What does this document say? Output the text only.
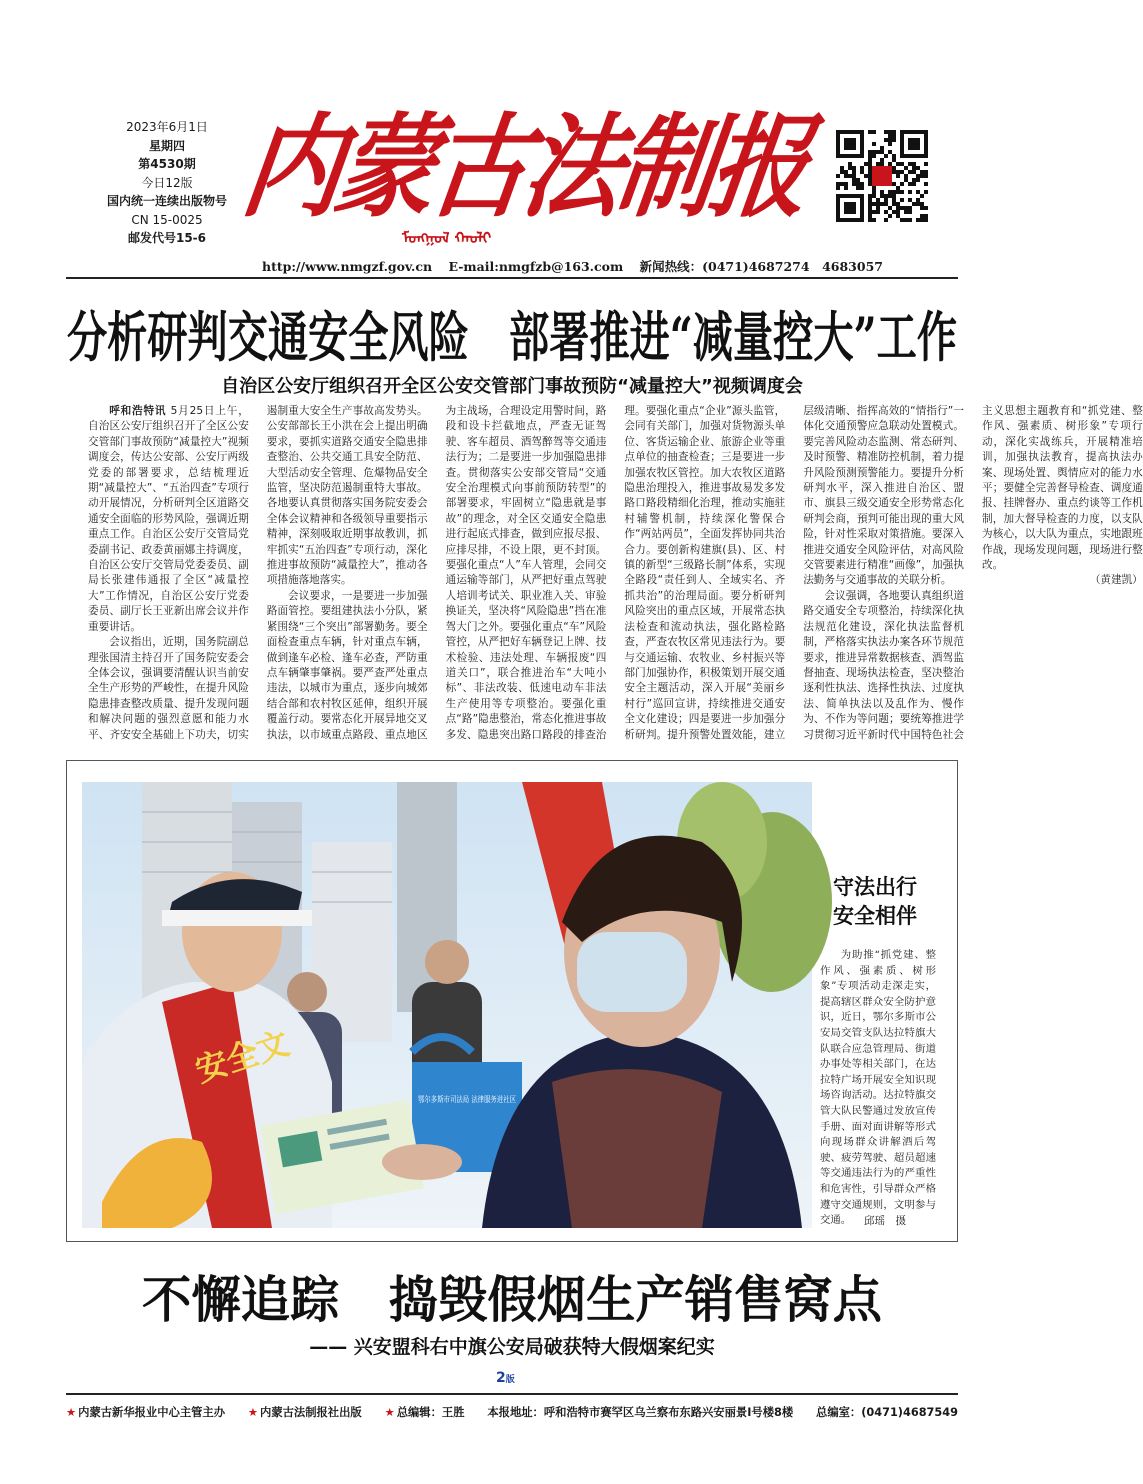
2023年6月1日
星期四
第4530期
今日12版
国内统一连续出版物号
CN 15-0025
邮发代号15-6
内蒙古法制报
ᠮᠣᠩᠭᠣᠯ ᠬᠠᠤᠯᠢ
http://www.nmgzf.gov.cn E-mail:nmgfzb@163.com 新闻热线：(0471)4687274　4683057
分析研判交通安全风险　部署推进“减量控大”工作
自治区公安厅组织召开全区公安交管部门事故预防“减量控大”视频调度会

呼和浩特讯 5月25日上午，自治区公安厅组织召开了全区公安交管部门事故预防“减量控大”视频调度会，传达公安部、公安厅两级党委的部署要求，总结梳理近期“减量控大”、“五治四查”专项行动开展情况，分析研判全区道路交通安全面临的形势风险，强调近期重点工作。自治区公安厅交管局党委副书记、政委黄丽娜主持调度，自治区公安厅交管局党委委员、副局长张建伟通报了全区“减量控大”工作情况，自治区公安厅党委委员、副厅长王亚新出席会议并作重要讲话。

会议指出，近期，国务院副总理张国清主持召开了国务院安委会全体会议，强调要清醒认识当前安全生产形势的严峻性，在提升风险隐患排查整改质量、提升发现问题和解决问题的强烈意愿和能力水平、齐安安全基础上下功夫，切实遏制重大安全生产事故高发势头。公安部部长王小洪在会上提出明确要求，要抓实道路交通安全隐患排查整治、公共交通工具安全防范、大型活动安全管理、危爆物品安全监管，坚决防范遏制重特大事故。各地要认真贯彻落实国务院安委会全体会议精神和各级领导重要指示精神，深刻吸取近期事故教训，抓牢抓实“五治四查”专项行动，深化推进事故预防“减量控大”，推动各项措施落地落实。

会议要求，一是要进一步加强路面管控。要组建执法小分队，紧紧围绕“三个突出”部署勤务。要全面检查重点车辆，针对重点车辆，做到逢车必检、逢车必查，严防重点车辆肇事肇祸。要严查严处重点违法，以城市为重点，逐步向城郊结合部和农村牧区延伸，组织开展覆盖行动。要常态化开展异地交叉执法，以市域重点路段、重点地区为主战场，合理设定用警时间，路段和设卡拦截地点，严查无证驾驶、客车超员、酒驾醉驾等交通违法行为；二是要进一步加强隐患排查。贯彻落实公安部交管局“交通安全治理模式向事前预防转型”的部署要求，牢固树立“隐患就是事故”的理念，对全区交通安全隐患进行起底式排查，做到应报尽报、应排尽排，不设上限，更不封顶。要强化重点“人”车人管理，会同交通运输等部门，从严把好重点驾驶人培训考试关、职业准入关、审验换证关，坚决将“风险隐患”挡在准驾大门之外。要强化重点“车”风险管控，从严把好车辆登记上牌、技术检验、违法处理、车辆报废“四道关口”，联合推进治车“大吨小标”、非法改装、低速电动车非法生产使用等专项整治。要强化重点“路”隐患整治，常态化推进事故多发、隐患突出路口路段的排查治理。要强化重点“企业”源头监管，会同有关部门，加强对货物源头单位、客货运输企业、旅游企业等重点单位的抽查检查；三是要进一步加强农牧区管控。加大农牧区道路隐患治理投入，推进事故易发多发路口路段精细化治理，推动实施驻村辅警机制，持续深化警保合作“两站两员”，全面发挥协同共治合力。要创新构建旗(县)、区、村镇的新型“三级路长制”体系，实现全路段“责任到人、全域实名、齐抓共治”的治理局面。要分析研判风险突出的重点区域，开展常态执法检查和流动执法，强化路检路查，严查农牧区常见违法行为。要与交通运输、农牧业、乡村振兴等部门加强协作，积极策划开展交通安全主题活动，深入开展“美丽乡村行”巡回宣讲，持续推进交通安全文化建设；四是要进一步加强分析研判。提升预警处置效能，建立层级清晰、指挥高效的“情指行”一体化交通预警应急联动处置模式。要完善风险动态监测、常态研判、及时预警、精准防控机制，着力提升风险预测预警能力。要提升分析研判水平，深入推进自治区、盟市、旗县三级交通安全形势常态化研判会商，預判可能出现的重大风险，针对性采取对策措施。要深入推进交通安全风险评估，对高风险交管要素进行精准“画像”，加强执法勤务与交通事故的关联分析。

会议强调，各地要认真组织道路交通安全专项整治，持续深化执法规范化建设，深化执法监督机制，严格落实执法办案各环节规范要求，推进异常数据核查、酒驾监督抽查、现场执法检查，坚决整治逐利性执法、选择性执法、过度执法、简单执法以及乱作为、慢作为、不作为等问题；要统筹推进学习贯彻习近平新时代中国特色社会主义思想主题教育和“抓党建、整作风、强素质、树形象”专项行动，深化实战练兵，开展精准培训，加强执法教育，提高执法办案、现场处置、舆情应对的能力水平；要健全完善督导检查、调度通报、挂牌督办、重点约谈等工作机制，加大督导检查的力度，以支队为核心，以大队为重点，实地跟班作战，现场发现问题，现场进行整改。

（黄建凯）

安全文
鄂尔多斯市司法局 法律服务进社区
守法出行
安全相伴

为助推“抓党建、整作风、强素质、树形象”专项活动走深走实，提高辖区群众安全防护意识，近日，鄂尔多斯市公安局交管支队达拉特旗大队联合应急管理局、街道办事处等相关部门，在达拉特广场开展安全知识现场咨询活动。达拉特旗交管大队民警通过发放宣传手册、面对面讲解等形式向现场群众讲解酒后驾驶、疲劳驾驶、超员超速等交通违法行为的严重性和危害性，引导群众严格遵守交通规则，文明参与交通。	邱瑶　摄
不懈追踪　捣毁假烟生产销售窝点
—— 兴安盟科右中旗公安局破获特大假烟案纪实
2版
★ 内蒙古新华报业中心主管主办 ★ 内蒙古法制报社出版 ★ 总编辑：王胜 本报地址：呼和浩特市赛罕区乌兰察布东路兴安丽景Ⅰ号楼8楼 总编室：(0471)4687549
